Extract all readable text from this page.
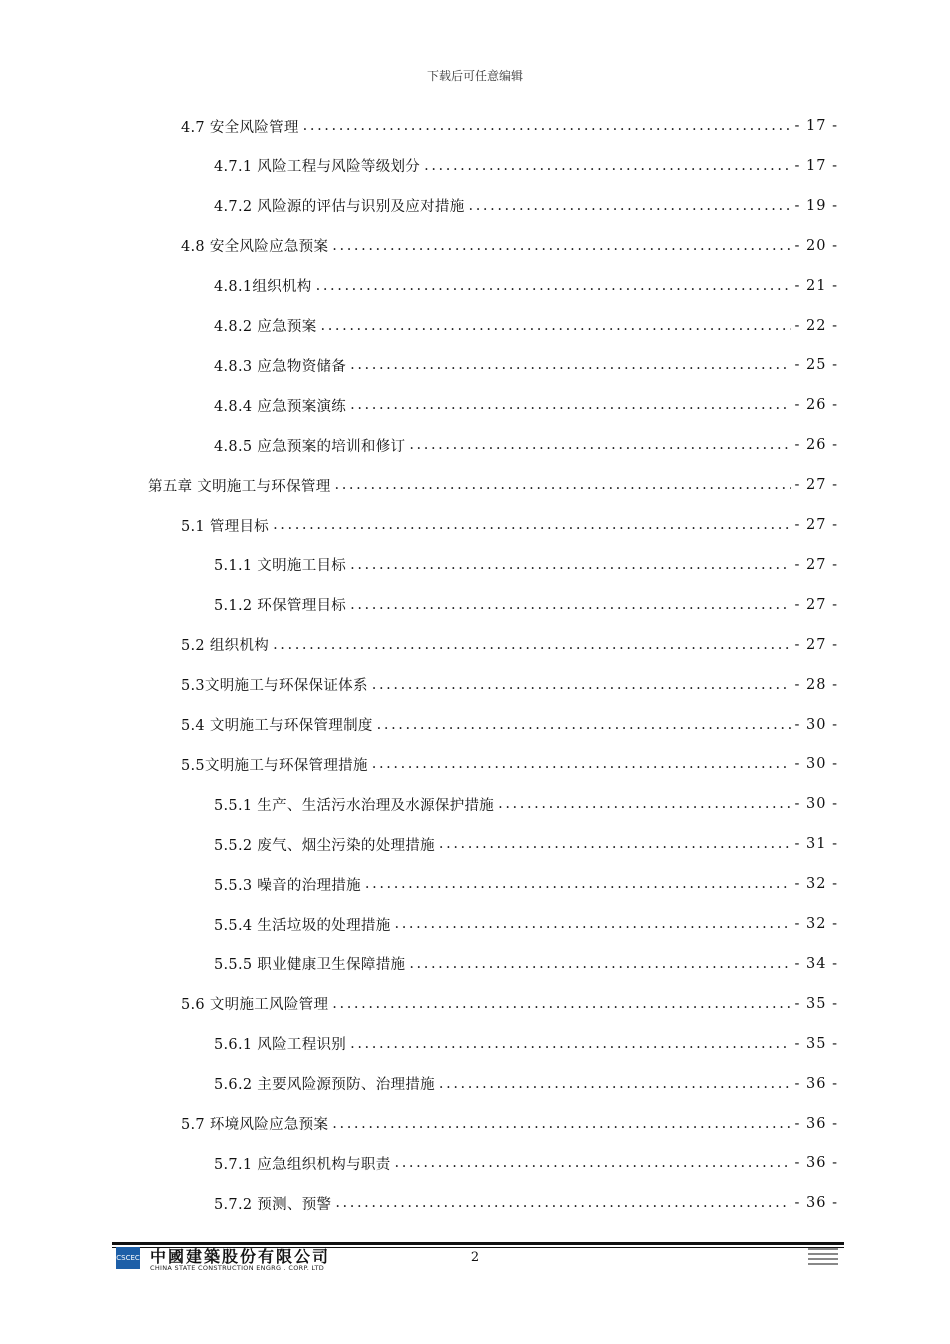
下载后可任意编辑
4.7 安全风险管理 .....	- 17 -
4.7.1 风险工程与风险等级划分 .....	- 17 -
4.7.2 风险源的评估与识别及应对措施 .....	- 19 -
4.8 安全风险应急预案 .....	- 20 -
4.8.1组织机构 .....	- 21 -
4.8.2 应急预案 .....	- 22 -
4.8.3 应急物资储备 .....	- 25 -
4.8.4 应急预案演练 .....	- 26 -
4.8.5 应急预案的培训和修订 .....	- 26 -
第五章 文明施工与环保管理 .....	- 27 -
5.1 管理目标 .....	- 27 -
5.1.1 文明施工目标 .....	- 27 -
5.1.2 环保管理目标 .....	- 27 -
5.2 组织机构 .....	- 27 -
5.3文明施工与环保保证体系 .....	- 28 -
5.4 文明施工与环保管理制度 .....	- 30 -
5.5文明施工与环保管理措施 .....	- 30 -
5.5.1 生产、生活污水治理及水源保护措施 .....	- 30 -
5.5.2 废气、烟尘污染的处理措施 .....	- 31 -
5.5.3 噪音的治理措施 .....	- 32 -
5.5.4 生活垃圾的处理措施 .....	- 32 -
5.5.5 职业健康卫生保障措施 .....	- 34 -
5.6 文明施工风险管理 .....	- 35 -
5.6.1 风险工程识别 .....	- 35 -
5.6.2 主要风险源预防、治理措施 .....	- 36 -
5.7 环境风险应急预案 .....	- 36 -
5.7.1 应急组织机构与职责 .....	- 36 -
5.7.2 预测、预警 .....	- 36 -
CSCEC 中國建築股份有限公司
CHINA STATE CONSTRUCTION ENGRG . CORP. LTD
2
